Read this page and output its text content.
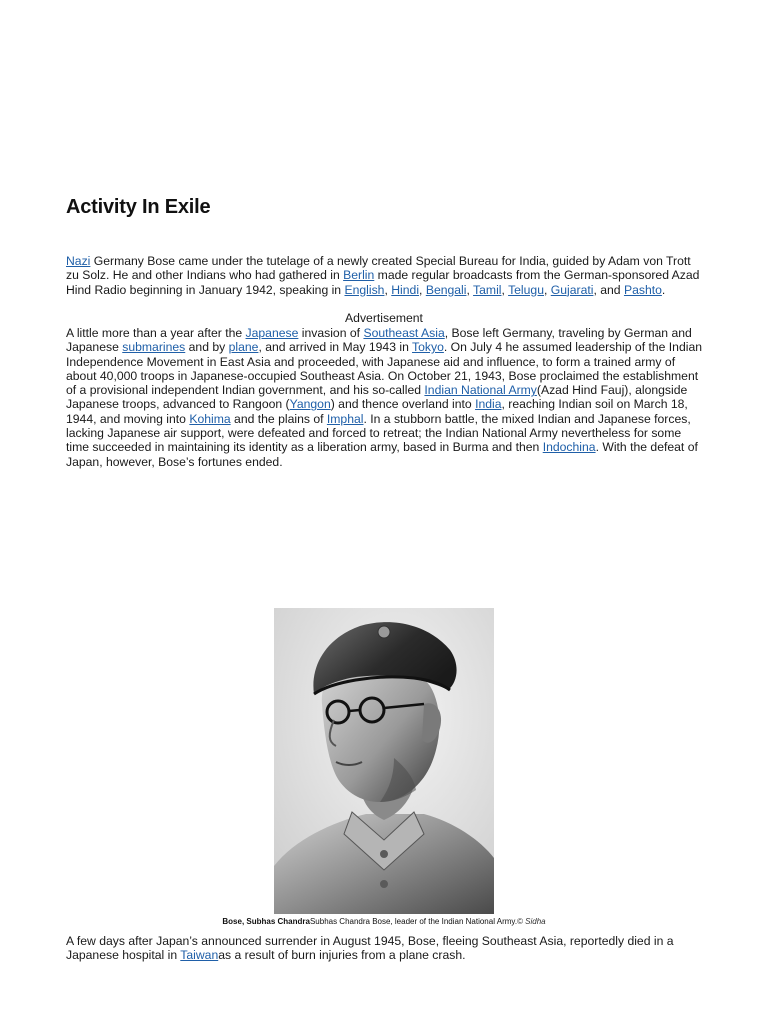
Activity In Exile

Nazi Germany Bose came under the tutelage of a newly created Special Bureau for India, guided by Adam von Trott zu Solz. He and other Indians who had gathered in Berlin made regular broadcasts from the German-sponsored Azad Hind Radio beginning in January 1942, speaking in English, Hindi, Bengali, Tamil, Telugu, Gujarati, and Pashto.

Advertisement

A little more than a year after the Japanese invasion of Southeast Asia, Bose left Germany, traveling by German and Japanese submarines and by plane, and arrived in May 1943 in Tokyo. On July 4 he assumed leadership of the Indian Independence Movement in East Asia and proceeded, with Japanese aid and influence, to form a trained army of about 40,000 troops in Japanese-occupied Southeast Asia. On October 21, 1943, Bose proclaimed the establishment of a provisional independent Indian government, and his so-called Indian National Army(Azad Hind Fauj), alongside Japanese troops, advanced to Rangoon (Yangon) and thence overland into India, reaching Indian soil on March 18, 1944, and moving into Kohima and the plains of Imphal. In a stubborn battle, the mixed Indian and Japanese forces, lacking Japanese air support, were defeated and forced to retreat; the Indian National Army nevertheless for some time succeeded in maintaining its identity as a liberation army, based in Burma and then Indochina. With the defeat of Japan, however, Bose’s fortunes ended.

Bose, Subhas ChandraSubhas Chandra Bose, leader of the Indian National Army.© Sidha

A few days after Japan’s announced surrender in August 1945, Bose, fleeing Southeast Asia, reportedly died in a Japanese hospital in Taiwanas a result of burn injuries from a plane crash.
